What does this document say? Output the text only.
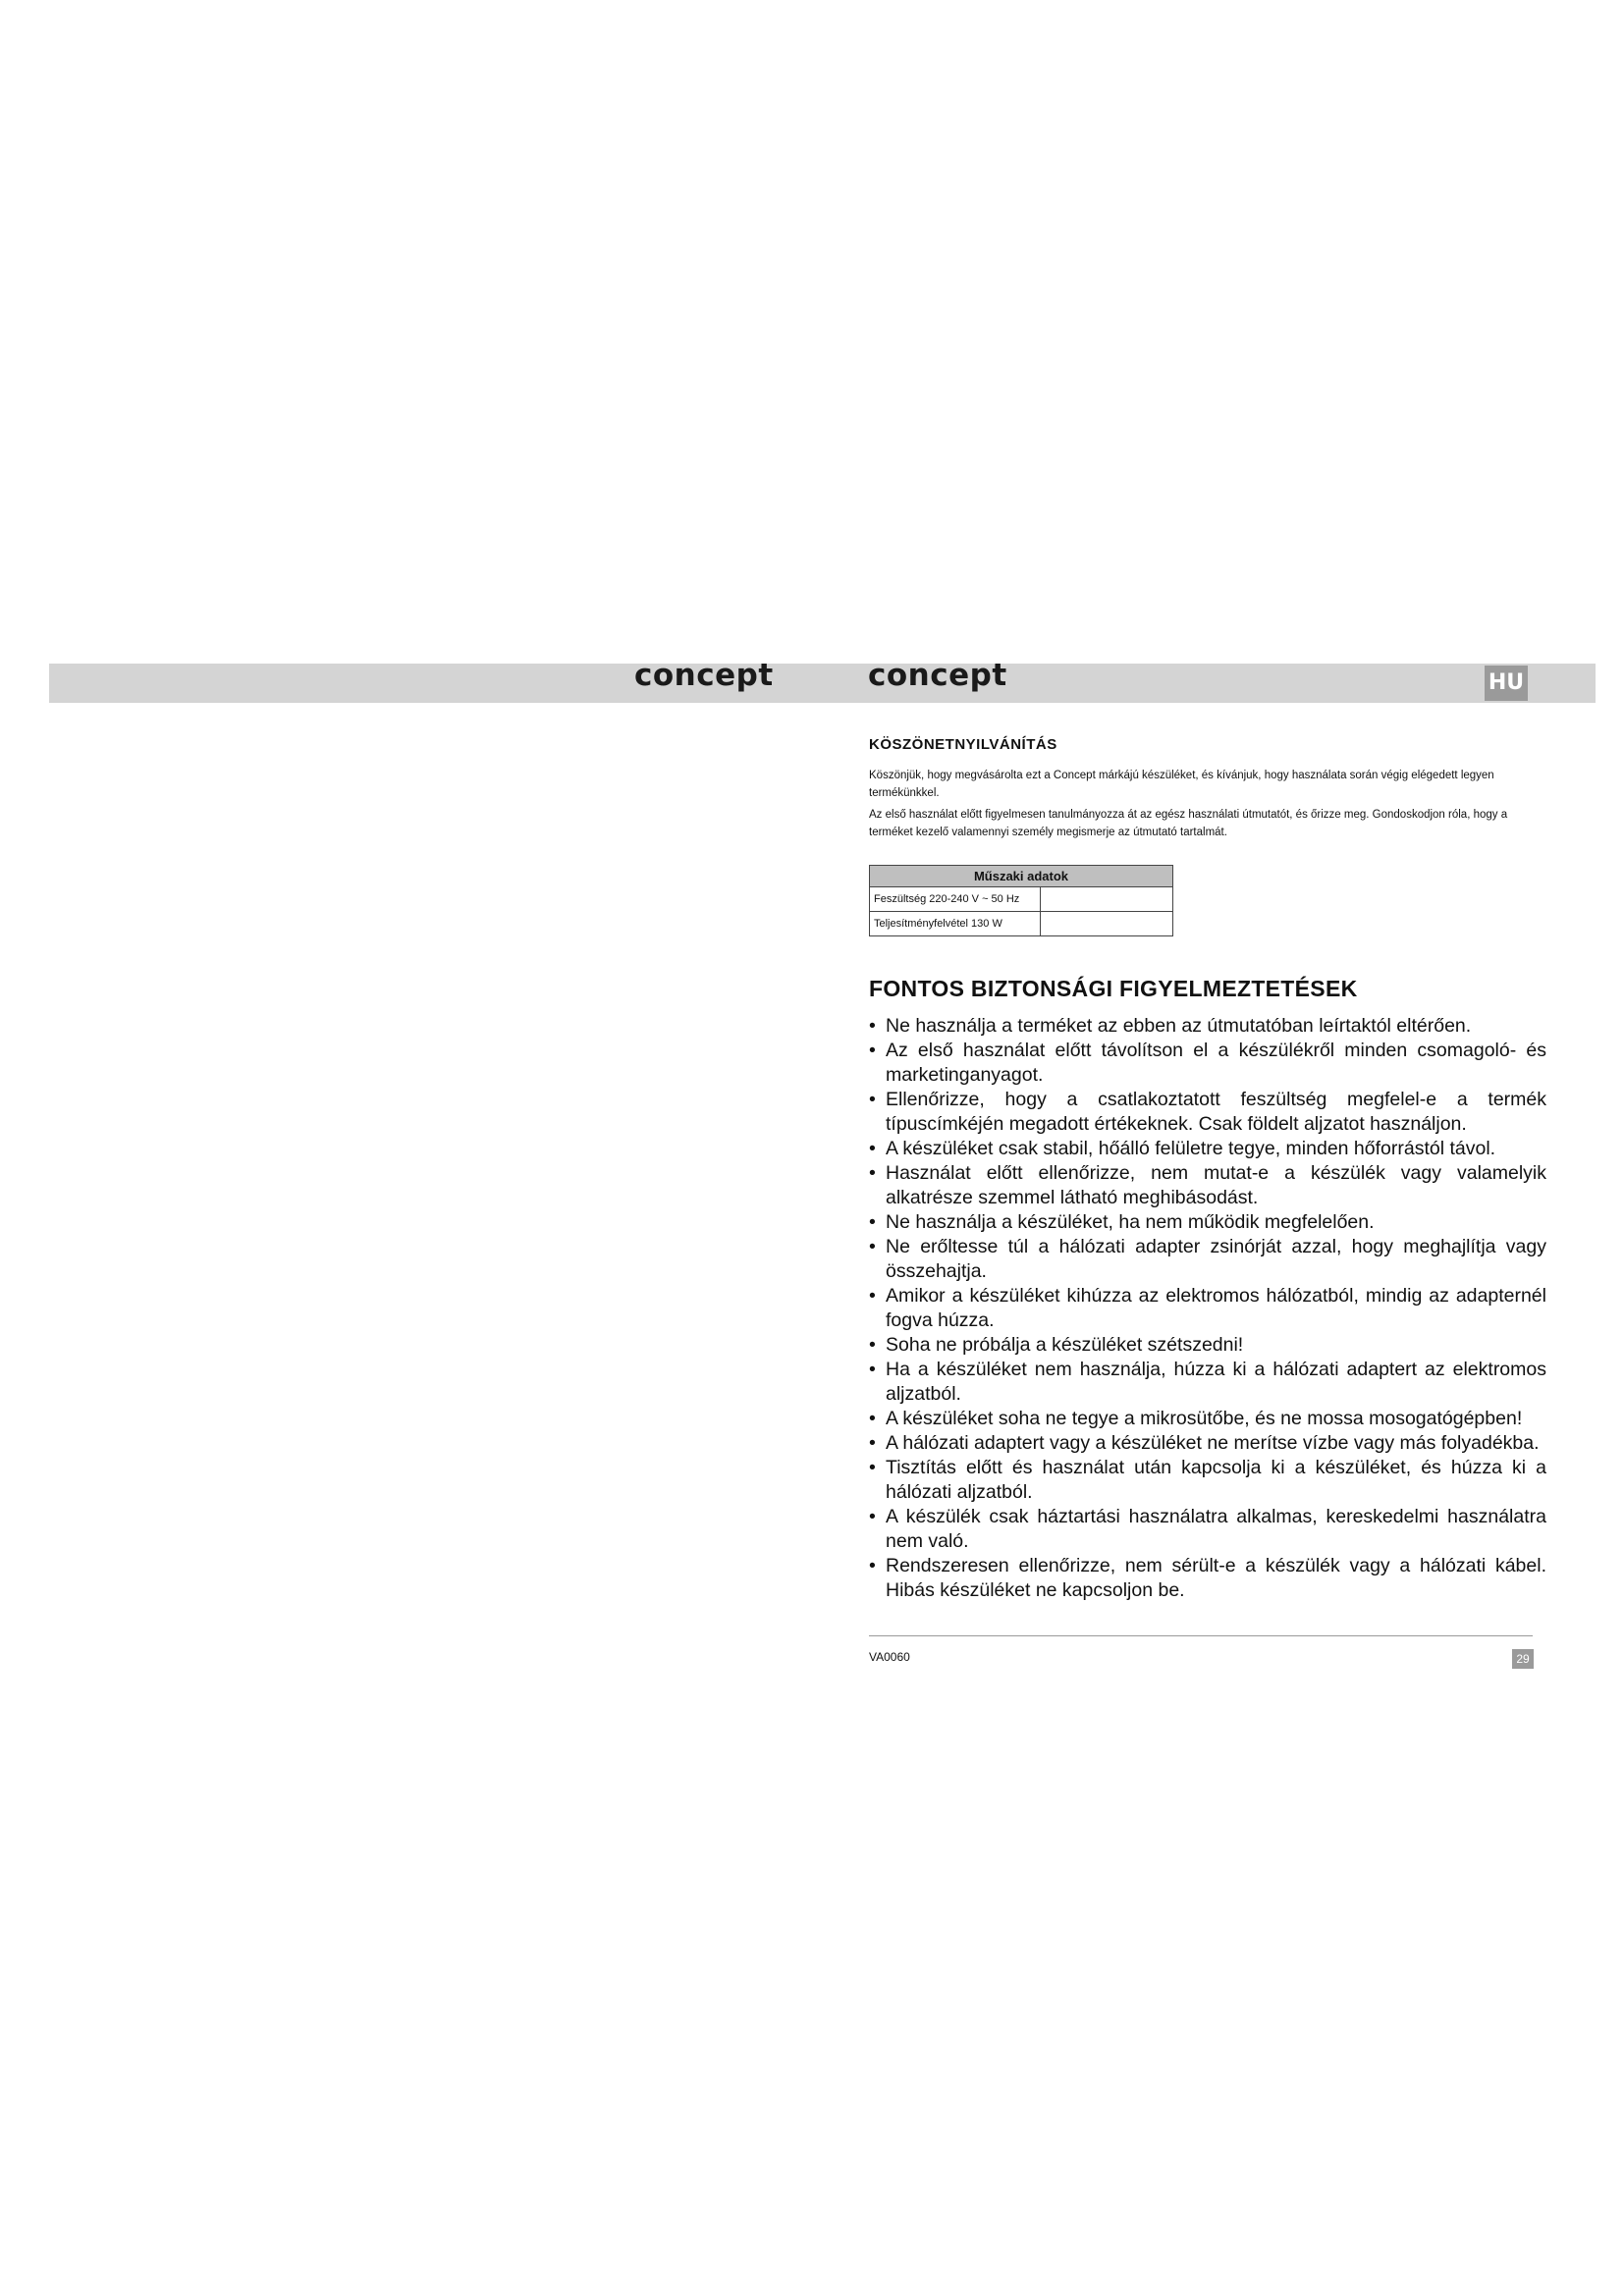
concept	concept	HU
KÖSZÖNETNYILVÁNÍTÁS

Köszönjük, hogy megvásárolta ezt a Concept márkájú készüléket, és kívánjuk, hogy használata során végig elégedett legyen termékünkkel.

Az első használat előtt figyelmesen tanulmányozza át az egész használati útmutatót, és őrizze meg. Gondoskodjon róla, hogy a terméket kezelő valamennyi személy megismerje az útmutató tartalmát.

Műszaki adatok	
Feszültség 220-240 V ~ 50 Hz	
Teljesítményfelvétel 130 W	
FONTOS BIZTONSÁGI FIGYELMEZTETÉSEK
• Ne használja a terméket az ebben az útmutatóban leírtaktól eltérően.
• Az első használat előtt távolítson el a készülékről minden csomagoló- és marketinganyagot.
• Ellenőrizze, hogy a csatlakoztatott feszültség megfelel-e a termék típuscímkéjén megadott értékeknek. Csak földelt aljzatot használjon.
• A készüléket csak stabil, hőálló felületre tegye, minden hőforrástól távol.
• Használat előtt ellenőrizze, nem mutat-e a készülék vagy valamelyik alkatrésze szemmel látható meghibásodást.
• Ne használja a készüléket, ha nem működik megfelelően.
• Ne erőltesse túl a hálózati adapter zsinórját azzal, hogy meghajlítja vagy összehajtja.
• Amikor a készüléket kihúzza az elektromos hálózatból, mindig az adapternél fogva húzza.
• Soha ne próbálja a készüléket szétszedni!
• Ha a készüléket nem használja, húzza ki a hálózati adaptert az elektromos aljzatból.
• A készüléket soha ne tegye a mikrosütőbe, és ne mossa mosogatógépben!
• A hálózati adaptert vagy a készüléket ne merítse vízbe vagy más folyadékba.
• Tisztítás előtt és használat után kapcsolja ki a készüléket, és húzza ki a hálózati aljzatból.
• A készülék csak háztartási használatra alkalmas, kereskedelmi használatra nem való.
• Rendszeresen ellenőrizze, nem sérült-e a készülék vagy a hálózati kábel. Hibás készüléket ne kapcsoljon be.
VA0060	29
